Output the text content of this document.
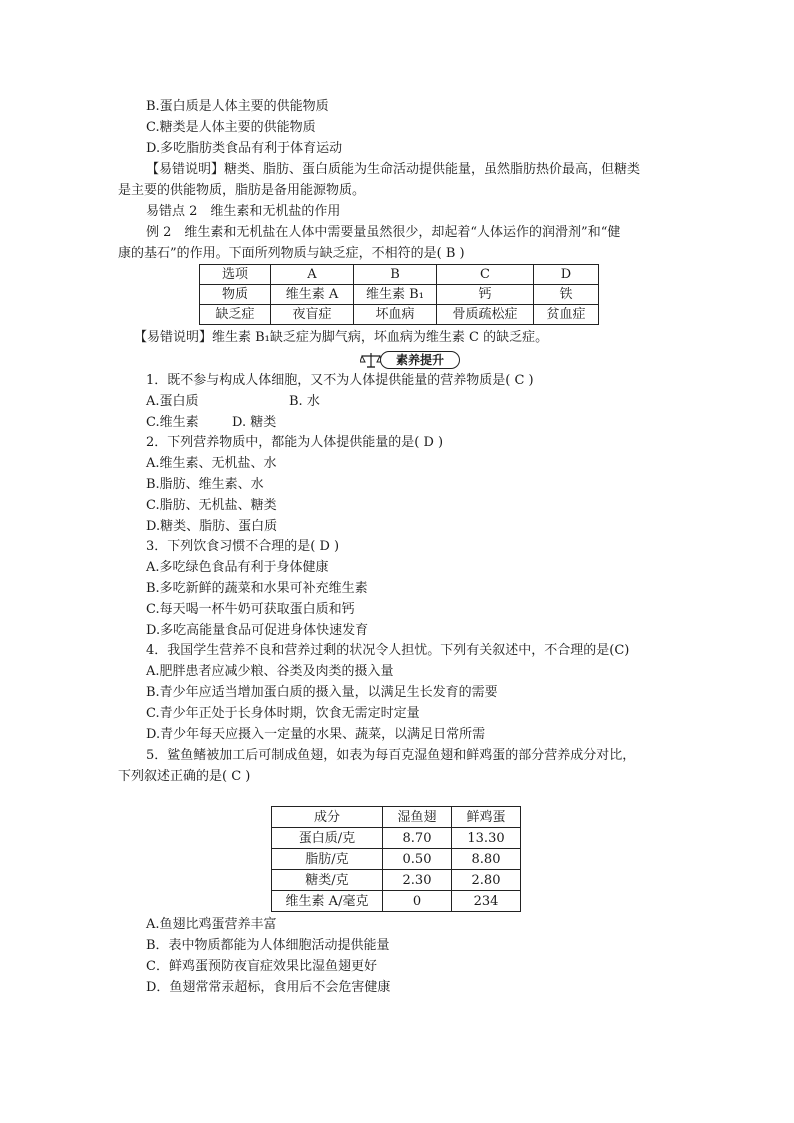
B.蛋白质是人体主要的供能物质
C.糖类是人体主要的供能物质
D.多吃脂肪类食品有利于体育运动
【易错说明】糖类、脂肪、蛋白质能为生命活动提供能量，虽然脂肪热价最高，但糖类
是主要的供能物质，脂肪是备用能源物质。
易错点 2　维生素和无机盐的作用
例 2　维生素和无机盐在人体中需要量虽然很少，却起着“人体运作的润滑剂”和“健
康的基石”的作用。下面所列物质与缺乏症，不相符的是( B )
选项	A	B	C	D
物质	维生素 A	维生素 B₁	钙	铁
缺乏症	夜盲症	坏血病	骨质疏松症	贫血症
【易错说明】维生素 B₁缺乏症为脚气病，坏血病为维生素 C 的缺乏症。
素养提升
1．既不参与构成人体细胞，又不为人体提供能量的营养物质是( C )
A.蛋白质	B. 水
C.维生素	D. 糖类
2．下列营养物质中，都能为人体提供能量的是( D )
A.维生素、无机盐、水
B.脂肪、维生素、水
C.脂肪、无机盐、糖类
D.糖类、脂肪、蛋白质
3．下列饮食习惯不合理的是( D )
A.多吃绿色食品有利于身体健康
B.多吃新鲜的蔬菜和水果可补充维生素
C.每天喝一杯牛奶可获取蛋白质和钙
D.多吃高能量食品可促进身体快速发育
4．我国学生营养不良和营养过剩的状况令人担忧。下列有关叙述中，不合理的是(C)
A.肥胖患者应减少粮、谷类及肉类的摄入量
B.青少年应适当增加蛋白质的摄入量，以满足生长发育的需要
C.青少年正处于长身体时期，饮食无需定时定量
D.青少年每天应摄入一定量的水果、蔬菜，以满足日常所需
5．鲨鱼鳍被加工后可制成鱼翅，如表为每百克湿鱼翅和鲜鸡蛋的部分营养成分对比，
下列叙述正确的是( C )
成分	湿鱼翅	鲜鸡蛋
蛋白质/克	8.70	13.30
脂肪/克	0.50	8.80
糖类/克	2.30	2.80
维生素 A/毫克	0	234
A.鱼翅比鸡蛋营养丰富
B．表中物质都能为人体细胞活动提供能量
C．鲜鸡蛋预防夜盲症效果比湿鱼翅更好
D．鱼翅常常汞超标，食用后不会危害健康
